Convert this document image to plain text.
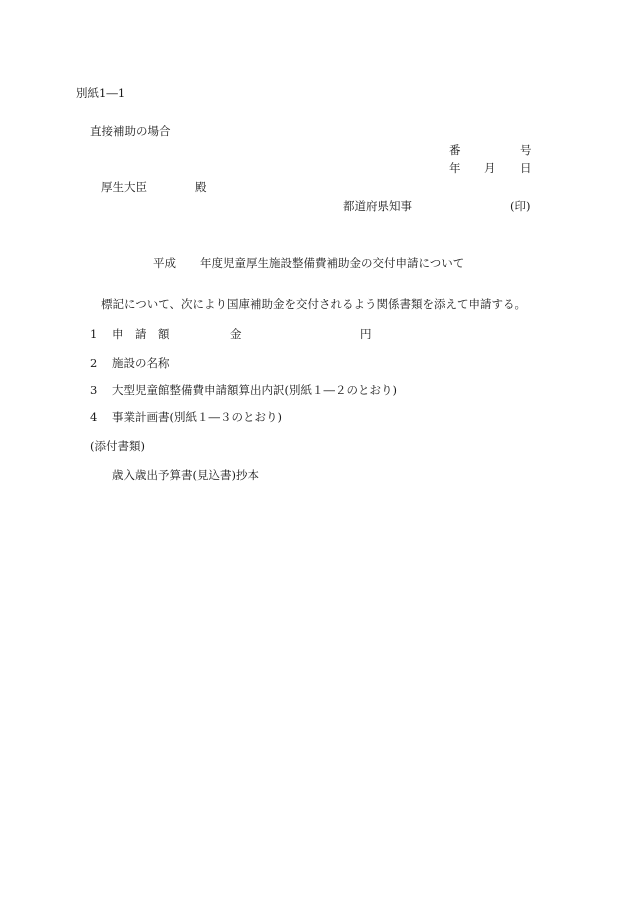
別紙1―1
直接補助の場合
番	号
年 月 日
厚生大臣	殿
都道府県知事	(印)
平成 年度児童厚生施設整備費補助金の交付申請について
標記について、次により国庫補助金を交付されるよう関係書類を添えて申請する。
1 申　請　額	金	円
2 施設の名称
3 大型児童館整備費申請額算出内訳(別紙１―２のとおり)
4 事業計画書(別紙１―３のとおり)
(添付書類)
歳入歳出予算書(見込書)抄本
